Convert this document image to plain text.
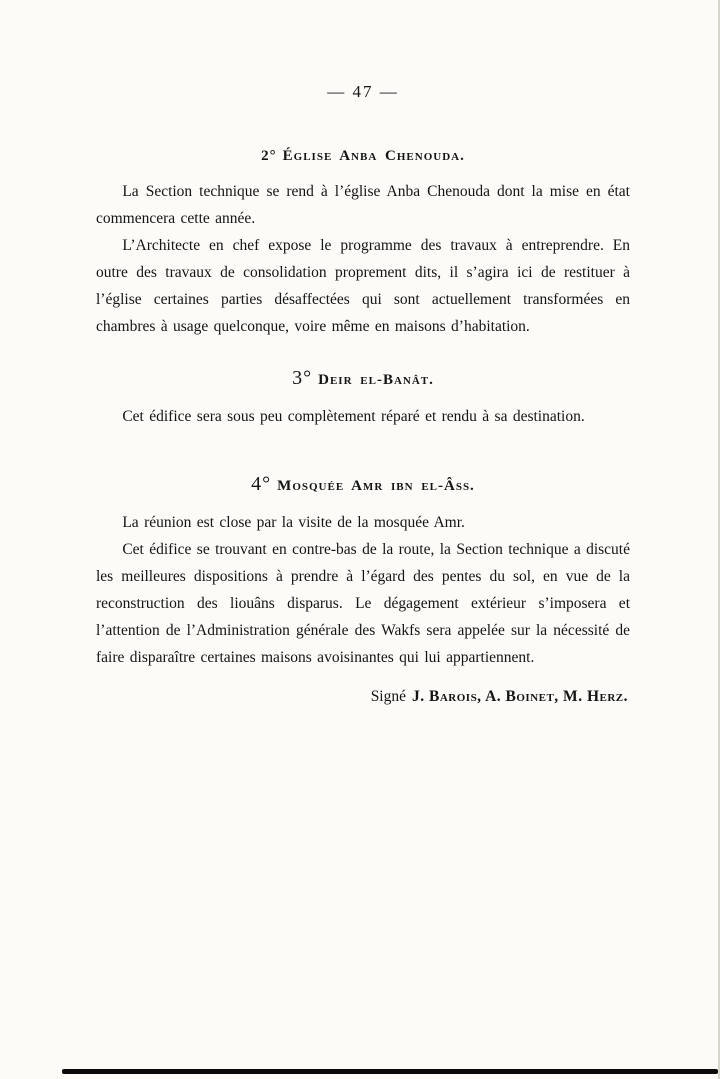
— 47 —
2° Église Anba Chenouda.

La Section technique se rend à l’église Anba Chenouda dont la mise en état commencera cette année.

L’Architecte en chef expose le programme des travaux à entreprendre. En outre des travaux de consolidation proprement dits, il s’agira ici de restituer à l’église certaines parties désaffectées qui sont actuellement transformées en chambres à usage quelconque, voire même en maisons d’habitation.

3° Deir el-Banât.

Cet édifice sera sous peu complètement réparé et rendu à sa destination.

4° Mosquée Amr ibn el-Âss.

La réunion est close par la visite de la mosquée Amr.

Cet édifice se trouvant en contre-bas de la route, la Section technique a discuté les meilleures dispositions à prendre à l’égard des pentes du sol, en vue de la reconstruction des liouâns disparus. Le dégagement extérieur s’imposera et l’attention de l’Administration générale des Wakfs sera appelée sur la nécessité de faire disparaître certaines maisons avoisinantes qui lui appartiennent.

Signé J. Barois, A. Boinet, M. Herz.
